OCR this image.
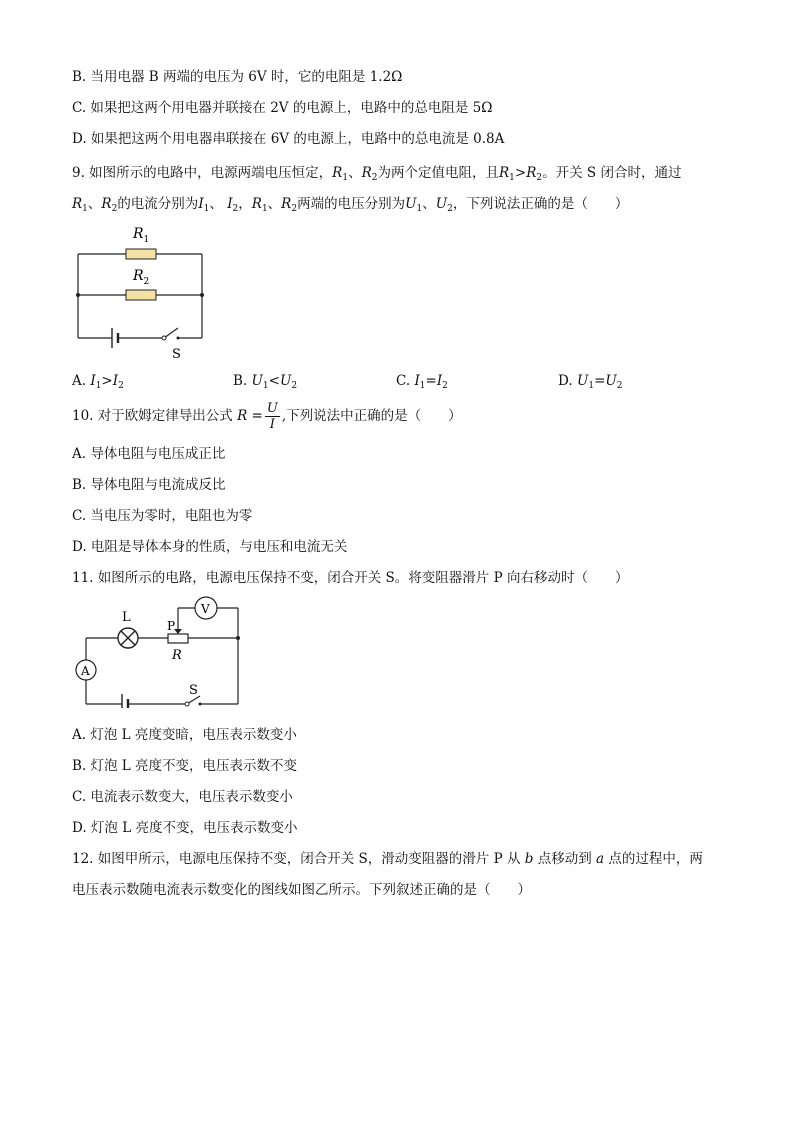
B. 当用电器 B 两端的电压为 6V 时，它的电阻是 1.2Ω
C. 如果把这两个用电器并联接在 2V 的电源上，电路中的总电阻是 5Ω
D. 如果把这两个用电器串联接在 6V 的电源上，电路中的总电流是 0.8A
9. 如图所示的电路中，电源两端电压恒定，$R_1$、$R_2$为两个定值电阻，且$R_1>R_2$。开关 S 闭合时，通过
$R_1$、$R_2$的电流分别为$I_1$、 $I_2$，$R_1$、$R_2$两端的电压分别为$U_1$、$U_2$，下列说法正确的是（　　）
$R_1$
$R_2$
S
A. $I_1>I_2$	B. $U_1<U_2$	C. $I_1=I_2$	D. $U_1=U_2$
10. 对于欧姆定律导出公式 $R = \frac{U}{I}$ ,下列说法中正确的是（　　）
A. 导体电阻与电压成正比
B. 导体电阻与电流成反比
C. 当电压为零时，电阻也为零
D. 电阻是导体本身的性质，与电压和电流无关
11. 如图所示的电路，电源电压保持不变，闭合开关 S。将变阻器滑片 P 向右移动时（　　）
V
A
L
P
R
S
A. 灯泡 L 亮度变暗，电压表示数变小
B. 灯泡 L 亮度不变，电压表示数不变
C. 电流表示数变大，电压表示数变小
D. 灯泡 L 亮度不变，电压表示数变小
12. 如图甲所示，电源电压保持不变，闭合开关 S，滑动变阻器的滑片 P 从 b 点移动到 a 点的过程中，两
电压表示数随电流表示数变化的图线如图乙所示。下列叙述正确的是（　　）
